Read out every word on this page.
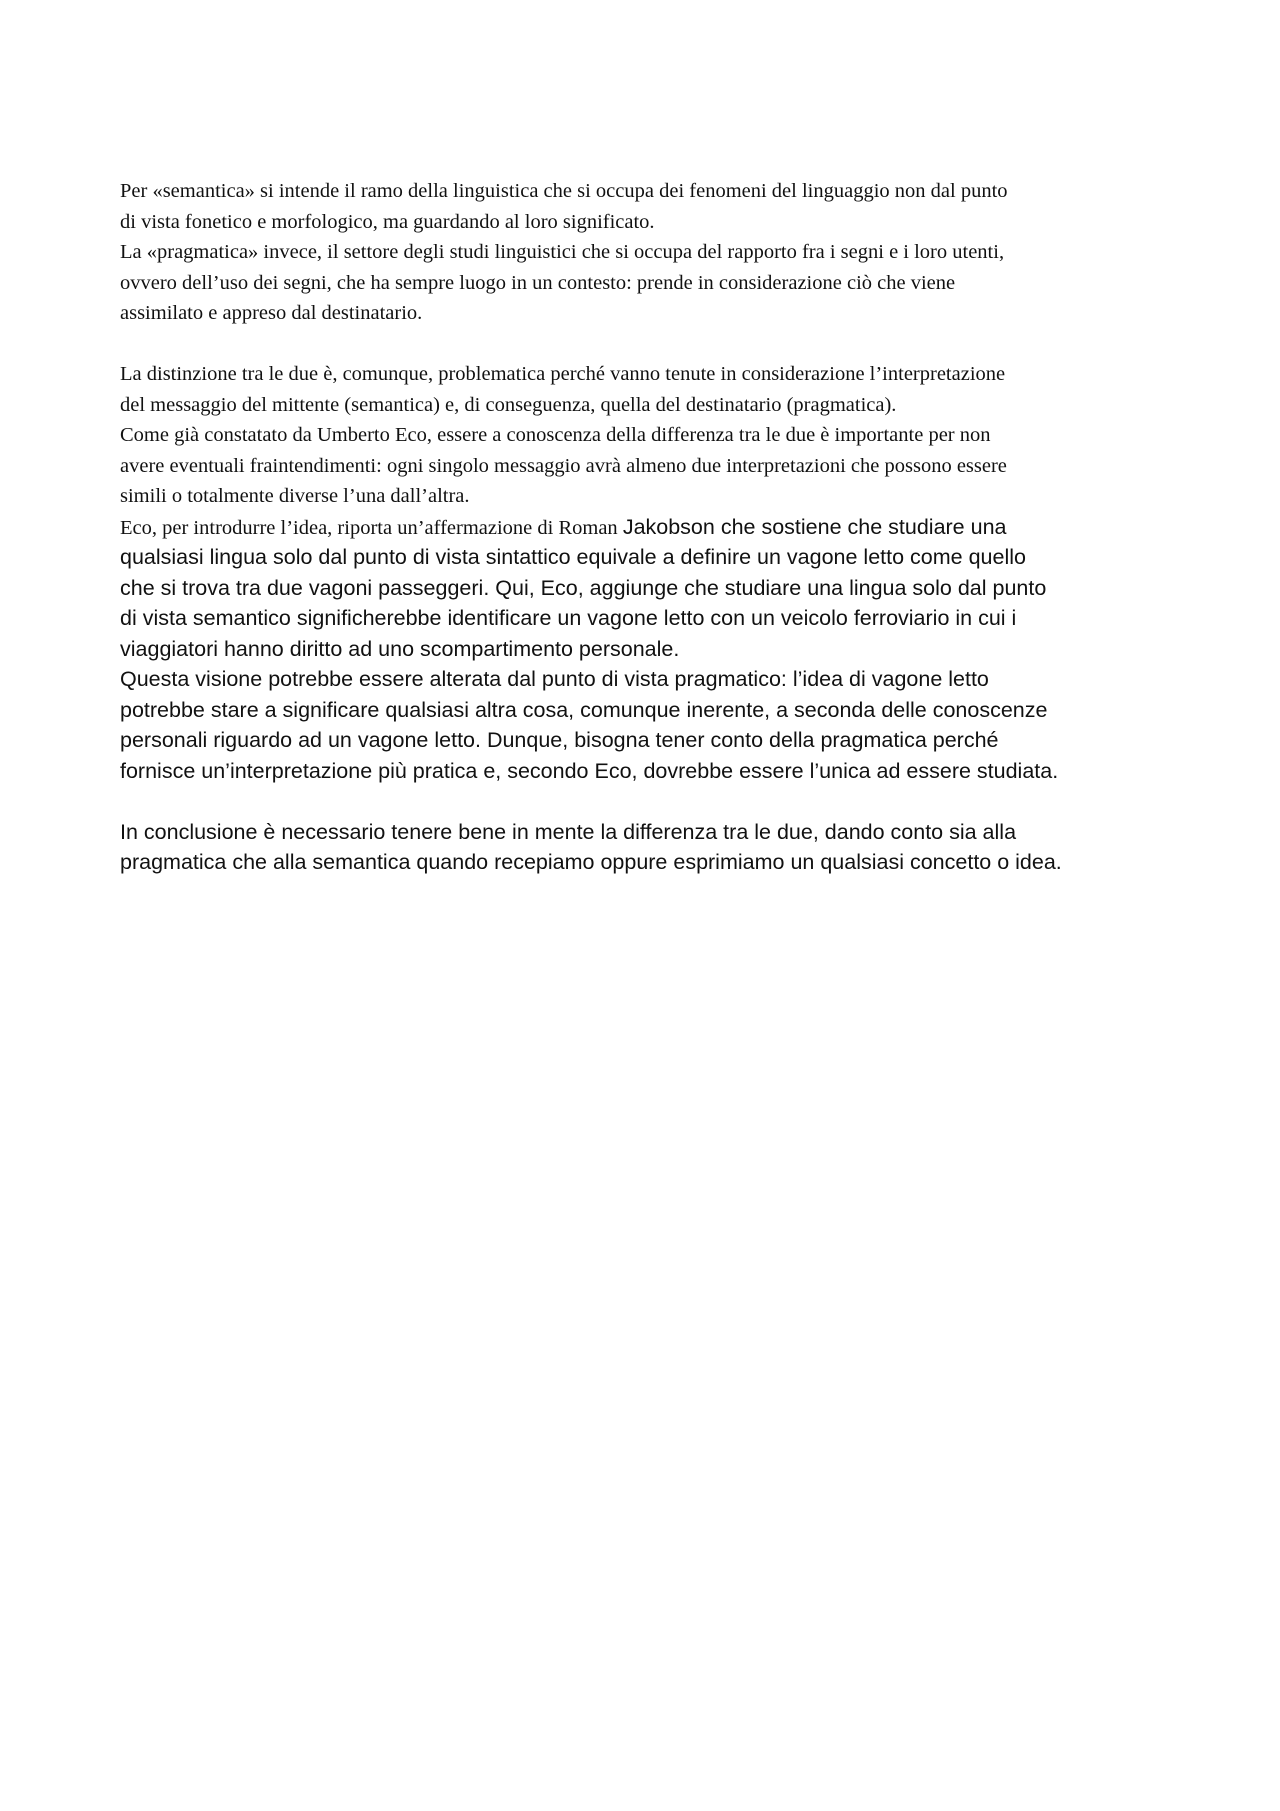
Per «semantica» si intende il ramo della linguistica che si occupa dei fenomeni del linguaggio non dal punto
di vista fonetico e morfologico, ma guardando al loro significato.
La «pragmatica» invece, il settore degli studi linguistici che si occupa del rapporto fra i segni e i loro utenti,
ovvero dell’uso dei segni, che ha sempre luogo in un contesto: prende in considerazione ciò che viene
assimilato e appreso dal destinatario.
La distinzione tra le due è, comunque, problematica perché vanno tenute in considerazione l’interpretazione
del messaggio del mittente (semantica) e, di conseguenza, quella del destinatario (pragmatica).
Come già constatato da Umberto Eco, essere a conoscenza della differenza tra le due è importante per non
avere eventuali fraintendimenti: ogni singolo messaggio avrà almeno due interpretazioni che possono essere
simili o totalmente diverse l’una dall’altra.
Eco, per introdurre l’idea, riporta un’affermazione di Roman Jakobson che sostiene che studiare una
qualsiasi lingua solo dal punto di vista sintattico equivale a definire un vagone letto come quello
che si trova tra due vagoni passeggeri. Qui, Eco, aggiunge che studiare una lingua solo dal punto
di vista semantico significherebbe identificare un vagone letto con un veicolo ferroviario in cui i
viaggiatori hanno diritto ad uno scompartimento personale.
Questa visione potrebbe essere alterata dal punto di vista pragmatico: l’idea di vagone letto
potrebbe stare a significare qualsiasi altra cosa, comunque inerente, a seconda delle conoscenze
personali riguardo ad un vagone letto. Dunque, bisogna tener conto della pragmatica perché
fornisce un’interpretazione più pratica e, secondo Eco, dovrebbe essere l’unica ad essere studiata.
In conclusione è necessario tenere bene in mente la differenza tra le due, dando conto sia alla
pragmatica che alla semantica quando recepiamo oppure esprimiamo un qualsiasi concetto o idea.
